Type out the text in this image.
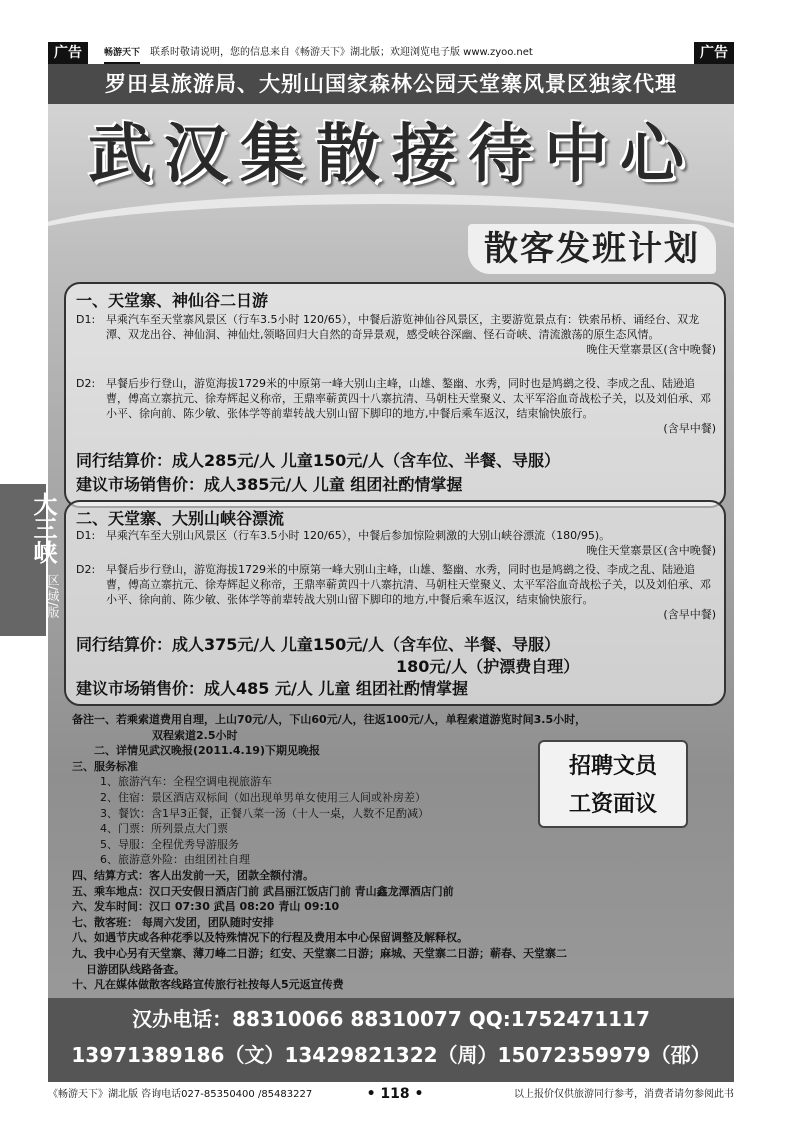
广告	畅游天下 联系时敬请说明，您的信息来自《畅游天下》湖北版；欢迎浏览电子版 www.zyoo.net	广告
罗田县旅游局、大别山国家森林公园天堂寨风景区独家代理
武汉集散接待中心
散客发班计划
一、天堂寨、神仙谷二日游
D1: 早乘汽车至天堂寨风景区（行车3.5小时 120/65），中餐后游览神仙谷风景区，主要游览景点有：铁索吊桥、诵经台、双龙潭、双龙出谷、神仙洞、神仙灶,领略回归大自然的奇异景观，感受峡谷深幽、怪石奇峡、清流激荡的原生态风情。
晚住天堂寨景区(含中晚餐)
D2: 早餐后步行登山，游览海拔1729米的中原第一峰大别山主峰，山雄、鏊幽、水秀，同时也是鸠鹚之役、李成之乱、陆逊追曹，傅高立寨抗元、徐寿辉起义称帝，王鼎率蕲黄四十八寨抗清、马朝柱天堂聚义、太平军浴血奇战松子关，以及刘伯承、邓小平、徐向前、陈少敏、张体学等前辈转战大别山留下脚印的地方,中餐后乘车返汉，结束愉快旅行。
(含早中餐)
同行结算价：成人285元/人 儿童150元/人（含车位、半餐、导服）
建议市场销售价：成人385元/人 儿童 组团社酌情掌握
二、天堂寨、大别山峡谷漂流
D1: 早乘汽车至大别山风景区（行车3.5小时 120/65），中餐后参加惊险刺激的大别山峡谷漂流（180/95)。
晚住天堂寨景区(含中晚餐)
D2: 早餐后步行登山，游览海拔1729米的中原第一峰大别山主峰，山雄、鏊幽、水秀，同时也是鸠鹚之役、李成之乱、陆逊追曹，傅高立寨抗元、徐寿辉起义称帝，王鼎率蕲黄四十八寨抗清、马朝柱天堂聚义、太平军浴血奇战松子关，以及刘伯承、邓小平、徐向前、陈少敏、张体学等前辈转战大别山留下脚印的地方,中餐后乘车返汉，结束愉快旅行。
(含早中餐)
同行结算价：成人375元/人 儿童150元/人（含车位、半餐、导服）
180元/人（护漂费自理）
建议市场销售价：成人485 元/人 儿童 组团社酌情掌握
备注一、若乘索道费用自理，上山70元/人，下山60元/人，往返100元/人，单程索道游览时间3.5小时，
双程索道2.5小时
二、详情见武汉晚报(2011.4.19)下期见晚报
三、服务标准
1、旅游汽车：全程空调电视旅游车
2、住宿：景区酒店双标间（如出现单男单女使用三人间或补房差）
3、餐饮：含1早3正餐，正餐八菜一汤（十人一桌，人数不足酌减）
4、门票：所列景点大门票
5、导服：全程优秀导游服务
6、旅游意外险：由组团社自理
四、结算方式：客人出发前一天，团款全额付清。
五、乘车地点：汉口天安假日酒店门前 武昌丽江饭店门前 青山鑫龙潭酒店门前
六、发车时间：汉口 07:30 武昌 08:20 青山 09:10
七、散客班： 每周六发团，团队随时安排
八、如遇节庆或各种花季以及特殊情况下的行程及费用本中心保留调整及解释权。
九、我中心另有天堂寨、薄刀峰二日游；红安、天堂寨二日游；麻城、天堂寨二日游；蕲春、天堂寨二
日游团队线路备查。
十、凡在媒体做散客线路宣传旅行社按每人5元返宣传费
招聘文员
工资面议
汉办电话：88310066 88310077 QQ:1752471117
13971389186（文）13429821322（周）15072359979（邵）
大三峡
区/域/版
《畅游天下》湖北版 咨询电话027-85350400 /85483227	• 118 •	以上报价仅供旅游同行参考，消费者请勿参阅此书
